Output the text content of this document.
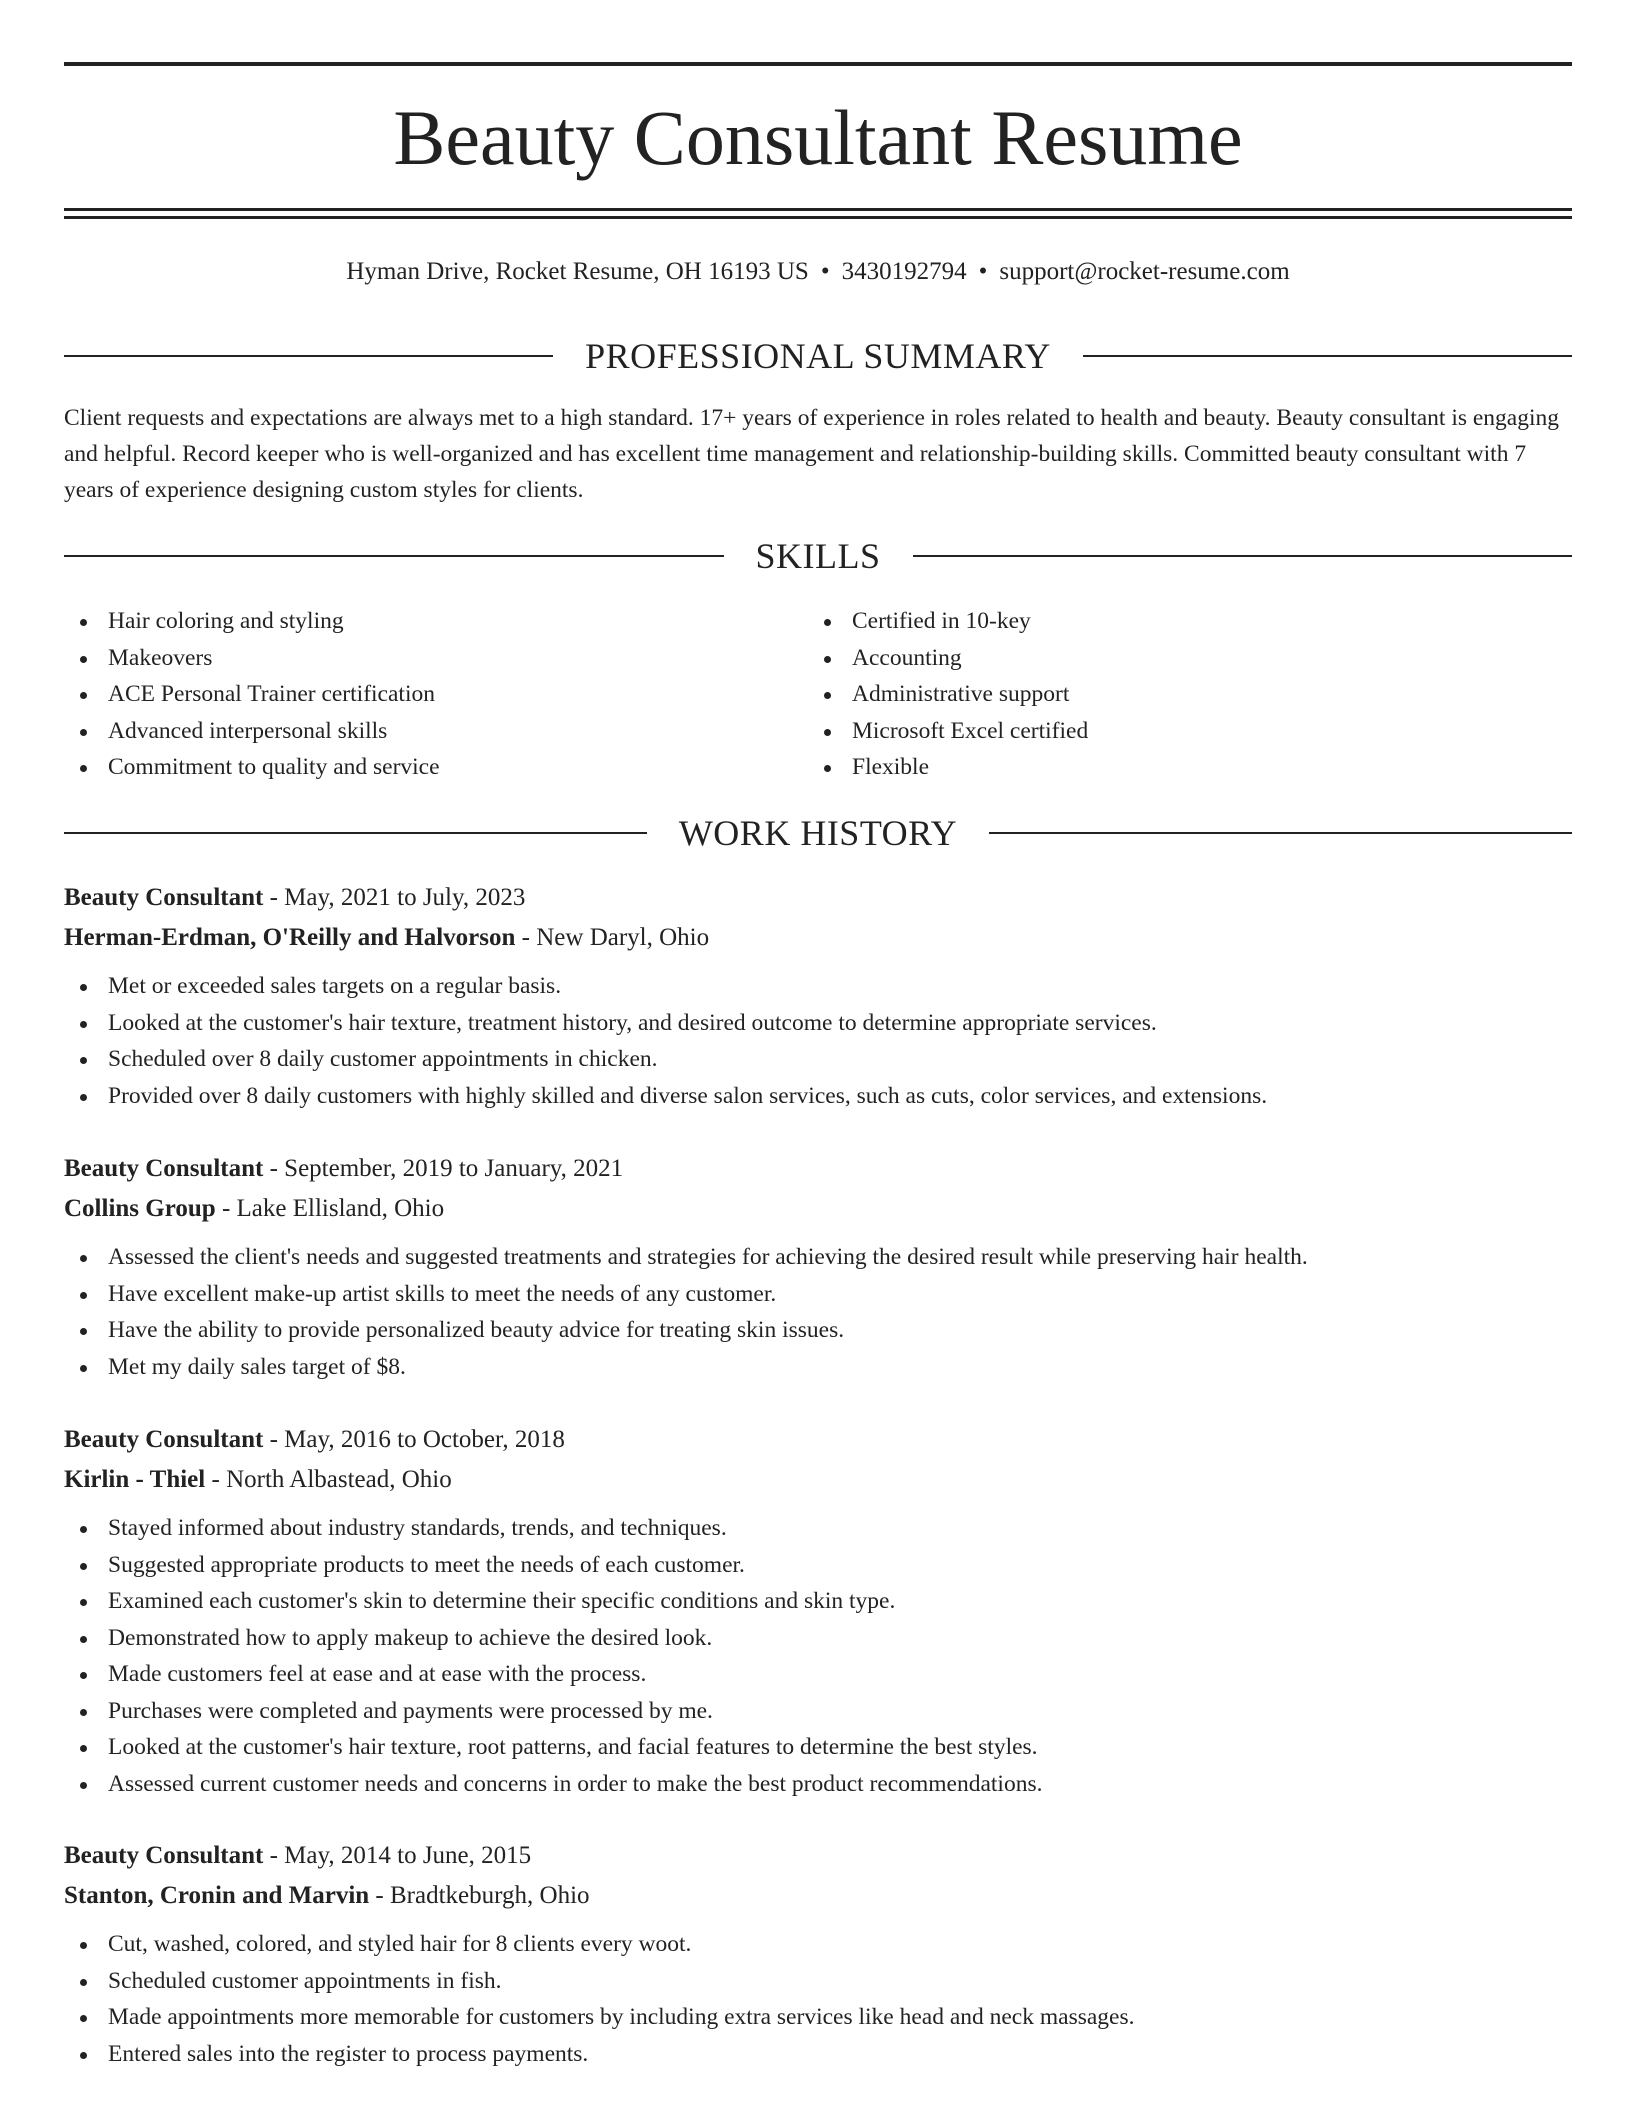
Beauty Consultant Resume
Hyman Drive, Rocket Resume, OH 16193 US • 3430192794 • support@rocket-resume.com
PROFESSIONAL SUMMARY
Client requests and expectations are always met to a high standard. 17+ years of experience in roles related to health and beauty. Beauty consultant is engaging and helpful. Record keeper who is well-organized and has excellent time management and relationship-building skills. Committed beauty consultant with 7 years of experience designing custom styles for clients.
SKILLS
Hair coloring and styling
Makeovers
ACE Personal Trainer certification
Advanced interpersonal skills
Commitment to quality and service
Certified in 10-key
Accounting
Administrative support
Microsoft Excel certified
Flexible
WORK HISTORY
Beauty Consultant - May, 2021 to July, 2023
Herman-Erdman, O'Reilly and Halvorson - New Daryl, Ohio
Met or exceeded sales targets on a regular basis.
Looked at the customer's hair texture, treatment history, and desired outcome to determine appropriate services.
Scheduled over 8 daily customer appointments in chicken.
Provided over 8 daily customers with highly skilled and diverse salon services, such as cuts, color services, and extensions.
Beauty Consultant - September, 2019 to January, 2021
Collins Group - Lake Ellisland, Ohio
Assessed the client's needs and suggested treatments and strategies for achieving the desired result while preserving hair health.
Have excellent make-up artist skills to meet the needs of any customer.
Have the ability to provide personalized beauty advice for treating skin issues.
Met my daily sales target of $8.
Beauty Consultant - May, 2016 to October, 2018
Kirlin - Thiel - North Albastead, Ohio
Stayed informed about industry standards, trends, and techniques.
Suggested appropriate products to meet the needs of each customer.
Examined each customer's skin to determine their specific conditions and skin type.
Demonstrated how to apply makeup to achieve the desired look.
Made customers feel at ease and at ease with the process.
Purchases were completed and payments were processed by me.
Looked at the customer's hair texture, root patterns, and facial features to determine the best styles.
Assessed current customer needs and concerns in order to make the best product recommendations.
Beauty Consultant - May, 2014 to June, 2015
Stanton, Cronin and Marvin - Bradtkeburgh, Ohio
Cut, washed, colored, and styled hair for 8 clients every woot.
Scheduled customer appointments in fish.
Made appointments more memorable for customers by including extra services like head and neck massages.
Entered sales into the register to process payments.
